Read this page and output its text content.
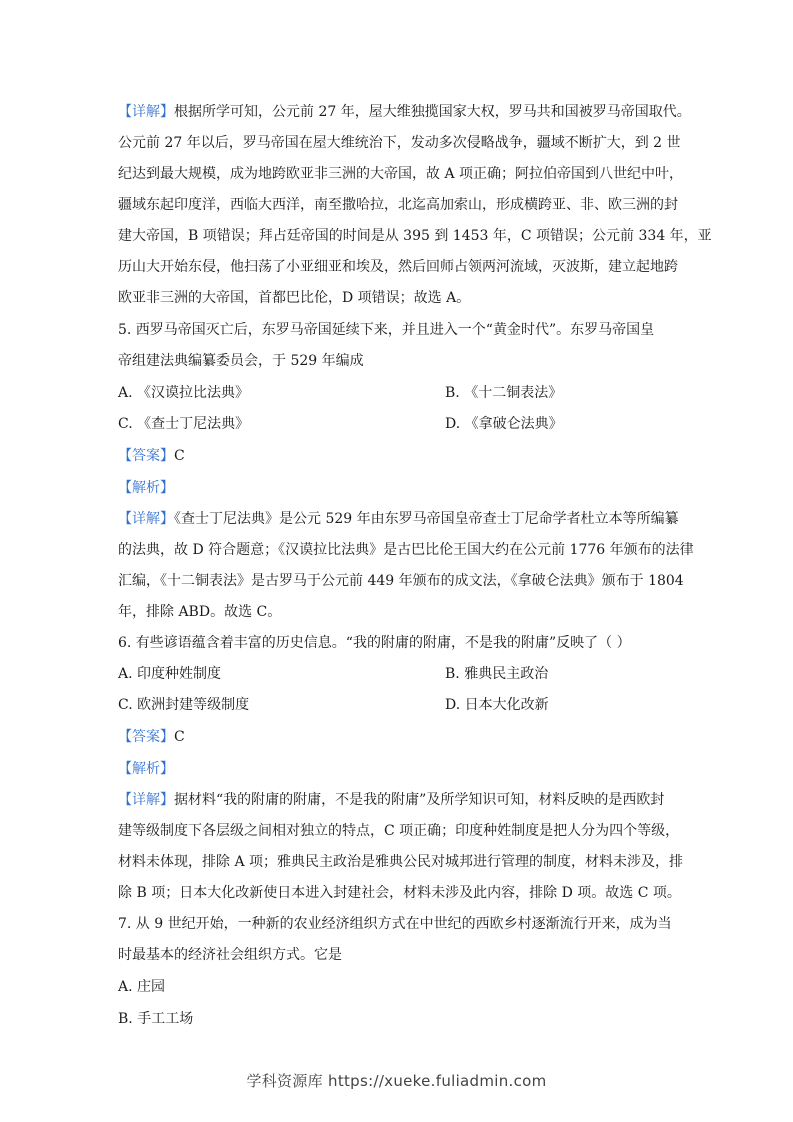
【详解】根据所学可知，公元前 27 年，屋大维独揽国家大权，罗马共和国被罗马帝国取代。
公元前 27 年以后，罗马帝国在屋大维统治下，发动多次侵略战争，疆域不断扩大，到 2 世
纪达到最大规模，成为地跨欧亚非三洲的大帝国，故 A 项正确；阿拉伯帝国到八世纪中叶，
疆域东起印度洋，西临大西洋，南至撒哈拉，北迄高加索山，形成横跨亚、非、欧三洲的封
建大帝国，B 项错误；拜占廷帝国的时间是从 395 到 1453 年，C 项错误；公元前 334 年，亚
历山大开始东侵，他扫荡了小亚细亚和埃及，然后回师占领两河流域，灭波斯，建立起地跨
欧亚非三洲的大帝国，首都巴比伦，D 项错误；故选 A。
5. 西罗马帝国灭亡后，东罗马帝国延续下来，并且进入一个“黄金时代”。东罗马帝国皇
帝组建法典编纂委员会，于 529 年编成
A. 《汉谟拉比法典》	B. 《十二铜表法》
C. 《查士丁尼法典》	D. 《拿破仑法典》
【答案】C
【解析】
【详解】《查士丁尼法典》是公元 529 年由东罗马帝国皇帝查士丁尼命学者杜立本等所编纂
的法典，故 D 符合题意；《汉谟拉比法典》是古巴比伦王国大约在公元前 1776 年颁布的法律
汇编，《十二铜表法》是古罗马于公元前 449 年颁布的成文法，《拿破仑法典》颁布于 1804
年，排除 ABD。故选 C。
6. 有些谚语蕴含着丰富的历史信息。“我的附庸的附庸，不是我的附庸”反映了（ ）
A. 印度种姓制度	B. 雅典民主政治
C. 欧洲封建等级制度	D. 日本大化改新
【答案】C
【解析】
【详解】据材料“我的附庸的附庸，不是我的附庸”及所学知识可知，材料反映的是西欧封
建等级制度下各层级之间相对独立的特点，C 项正确；印度种姓制度是把人分为四个等级，
材料未体现，排除 A 项；雅典民主政治是雅典公民对城邦进行管理的制度，材料未涉及，排
除 B 项；日本大化改新使日本进入封建社会，材料未涉及此内容，排除 D 项。故选 C 项。
7. 从 9 世纪开始，一种新的农业经济组织方式在中世纪的西欧乡村逐渐流行开来，成为当
时最基本的经济社会组织方式。它是
A. 庄园
B. 手工工场
学科资源库 https://xueke.fuliadmin.com
